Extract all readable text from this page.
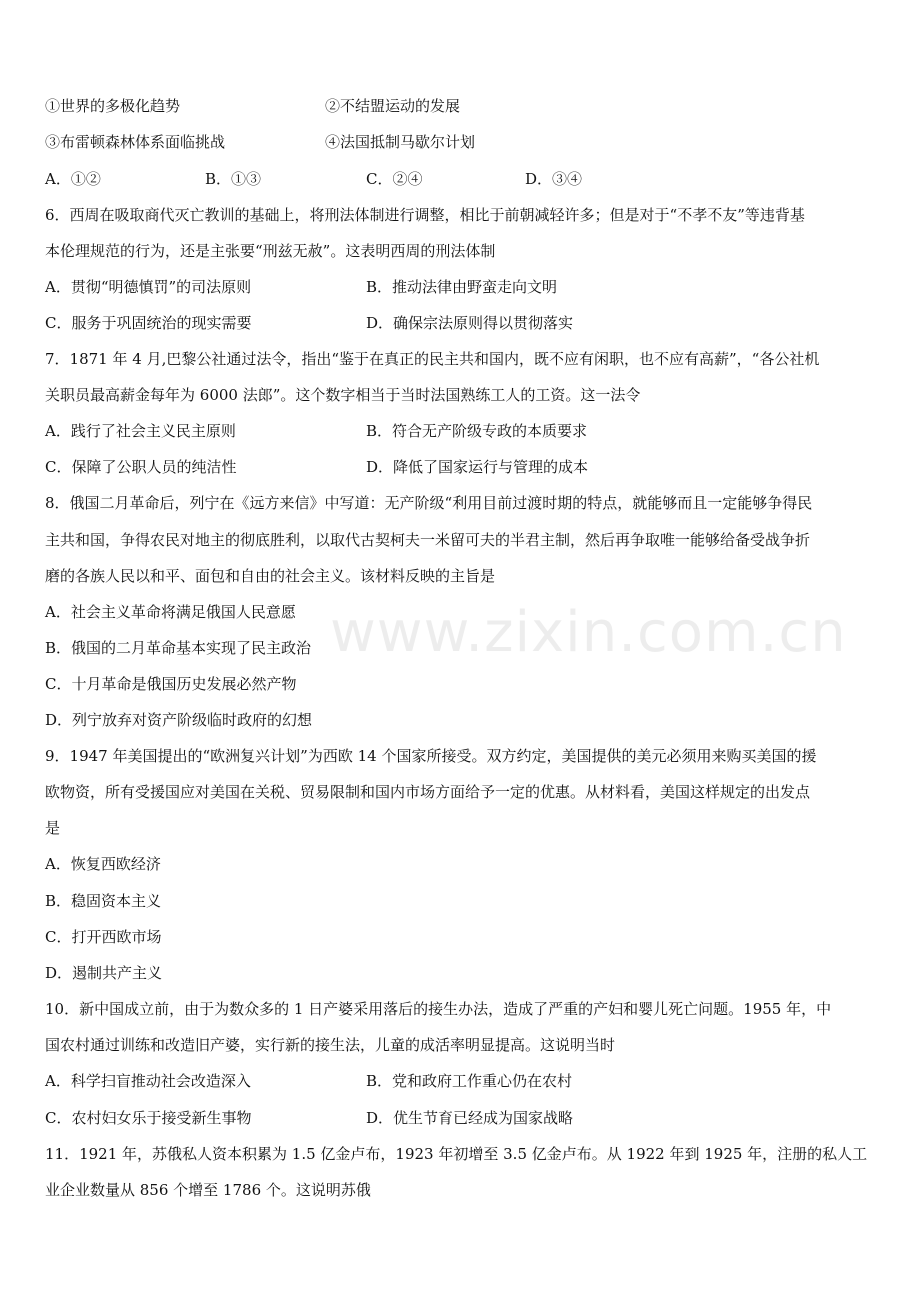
①世界的多极化趋势	②不结盟运动的发展
③布雷顿森林体系面临挑战	④法国抵制马歇尔计划
A．①②	B．①③	C．②④	D．③④
6．西周在吸取商代灭亡教训的基础上，将刑法体制进行调整，相比于前朝减轻许多；但是对于“不孝不友”等违背基
本伦理规范的行为，还是主张要“刑兹无赦”。这表明西周的刑法体制
A．贯彻“明德慎罚”的司法原则	B．推动法律由野蛮走向文明
C．服务于巩固统治的现实需要	D．确保宗法原则得以贯彻落实
7．1871 年 4 月,巴黎公社通过法令，指出“鉴于在真正的民主共和国内，既不应有闲职，也不应有高薪”，“各公社机
关职员最高薪金每年为 6000 法郎”。这个数字相当于当时法国熟练工人的工资。这一法令
A．践行了社会主义民主原则	B．符合无产阶级专政的本质要求
C．保障了公职人员的纯洁性	D．降低了国家运行与管理的成本
8．俄国二月革命后，列宁在《远方来信》中写道：无产阶级“利用目前过渡时期的特点，就能够而且一定能够争得民
主共和国，争得农民对地主的彻底胜利，以取代古契柯夫一米留可夫的半君主制，然后再争取唯一能够给备受战争折
磨的各族人民以和平、面包和自由的社会主义。该材料反映的主旨是
A．社会主义革命将满足俄国人民意愿
B．俄国的二月革命基本实现了民主政治
C．十月革命是俄国历史发展必然产物
D．列宁放弃对资产阶级临时政府的幻想
9．1947 年美国提出的“欧洲复兴计划”为西欧 14 个国家所接受。双方约定，美国提供的美元必须用来购买美国的援
欧物资，所有受援国应对美国在关税、贸易限制和国内市场方面给予一定的优惠。从材料看，美国这样规定的出发点
是
A．恢复西欧经济
B．稳固资本主义
C．打开西欧市场
D．遏制共产主义
10．新中国成立前，由于为数众多的 1 日产婆采用落后的接生办法，造成了严重的产妇和婴儿死亡问题。1955 年，中
国农村通过训练和改造旧产婆，实行新的接生法，儿童的成活率明显提高。这说明当时
A．科学扫盲推动社会改造深入	B．党和政府工作重心仍在农村
C．农村妇女乐于接受新生事物	D．优生节育已经成为国家战略
11．1921 年，苏俄私人资本积累为 1.5 亿金卢布，1923 年初增至 3.5 亿金卢布。从 1922 年到 1925 年，注册的私人工
业企业数量从 856 个增至 1786 个。这说明苏俄
www.zixin.com.cn
